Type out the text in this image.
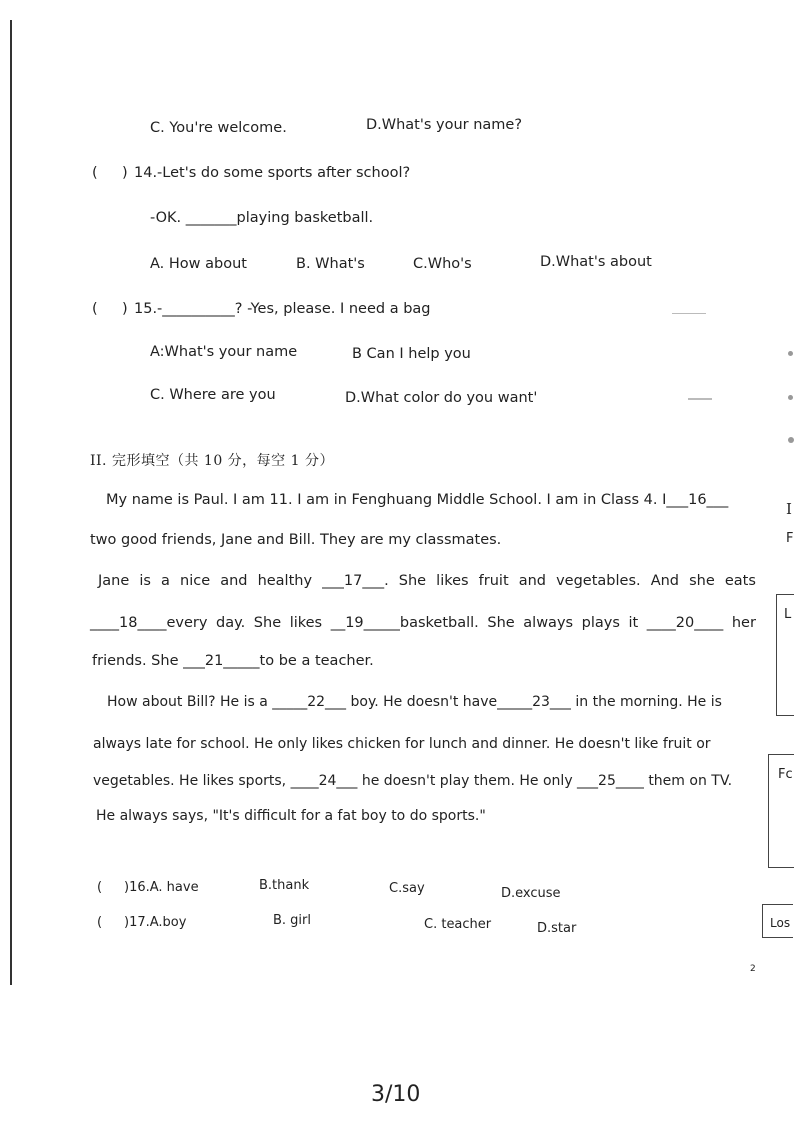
C. You're welcome.	D.What's your name?
( ) 14.-Let's do some sports after school?
-OK. _______playing basketball.
A. How about	B. What's	C.Who's	D.What's about
( ) 15.-__________? -Yes, please. I need a bag
A:What's your name	B Can I help you
C. Where are you	D.What color do you want'
II. 完形填空（共 10 分，每空 1 分）
My name is Paul. I am 11. I am in Fenghuang Middle School. I am in Class 4. I___16___
two good friends, Jane and Bill. They are my classmates.
Jane is a nice and healthy ___17___. She likes fruit and vegetables. And she eats
____18____every day. She likes __19_____basketball. She always plays it ____20____ her
friends. She ___21_____to be a teacher.
How about Bill? He is a _____22___ boy. He doesn't have_____23___ in the morning. He is
always late for school. He only likes chicken for lunch and dinner. He doesn't like fruit or
vegetables. He likes sports, ____24___ he doesn't play them. He only ___25____ them on TV.
He always says, "It's difficult for a fat boy to do sports."
( )16.A. have	B.thank	C.say	D.excuse
( )17.A.boy	B. girl	C. teacher	D.star
I
F
L
Fc
Los
2
3/10
